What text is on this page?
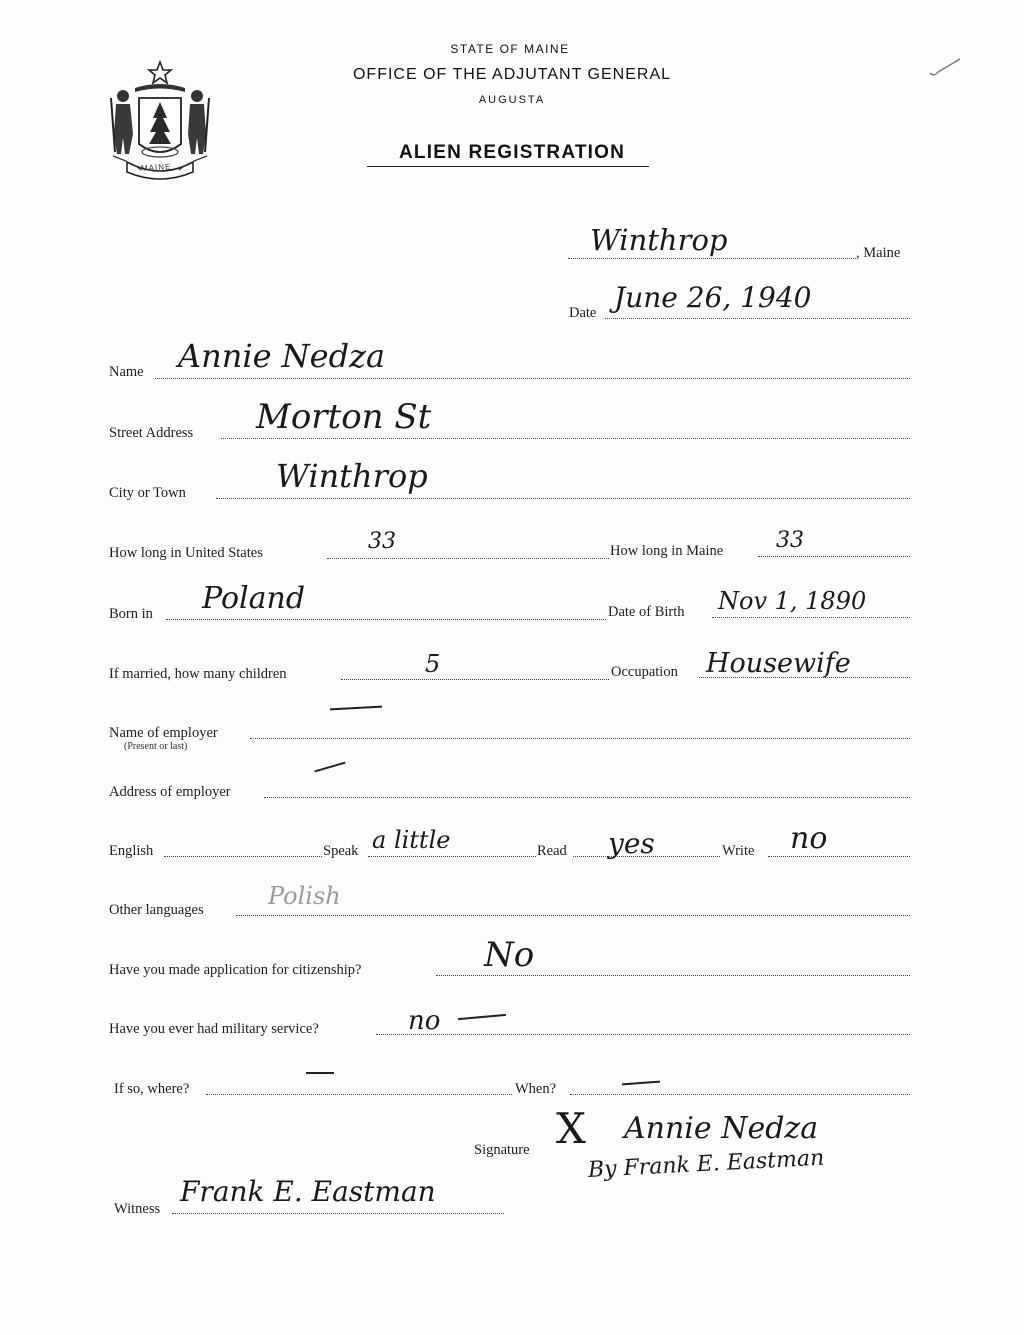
MAINE
STATE OF MAINE
OFFICE OF THE ADJUTANT GENERAL
AUGUSTA
ALIEN REGISTRATION
Winthrop	, Maine
Date June 26, 1940
Name Annie Nedza
Street Address Morton St
City or Town	Winthrop
How long in United States	33	How long in Maine 33
Born in Poland	Date of Birth Nov 1, 1890
If married, how many children	5	Occupation Housewife
Name of employer
(Present or last)
Address of employer
English	Speak a little	Read yes	Write no
Other languages	Polish
Have you made application for citizenship?	No
Have you ever had military service?	no
If so, where?	When?
Signature X Annie Nedza
By Frank E. Eastman
Witness
Frank E. Eastman
